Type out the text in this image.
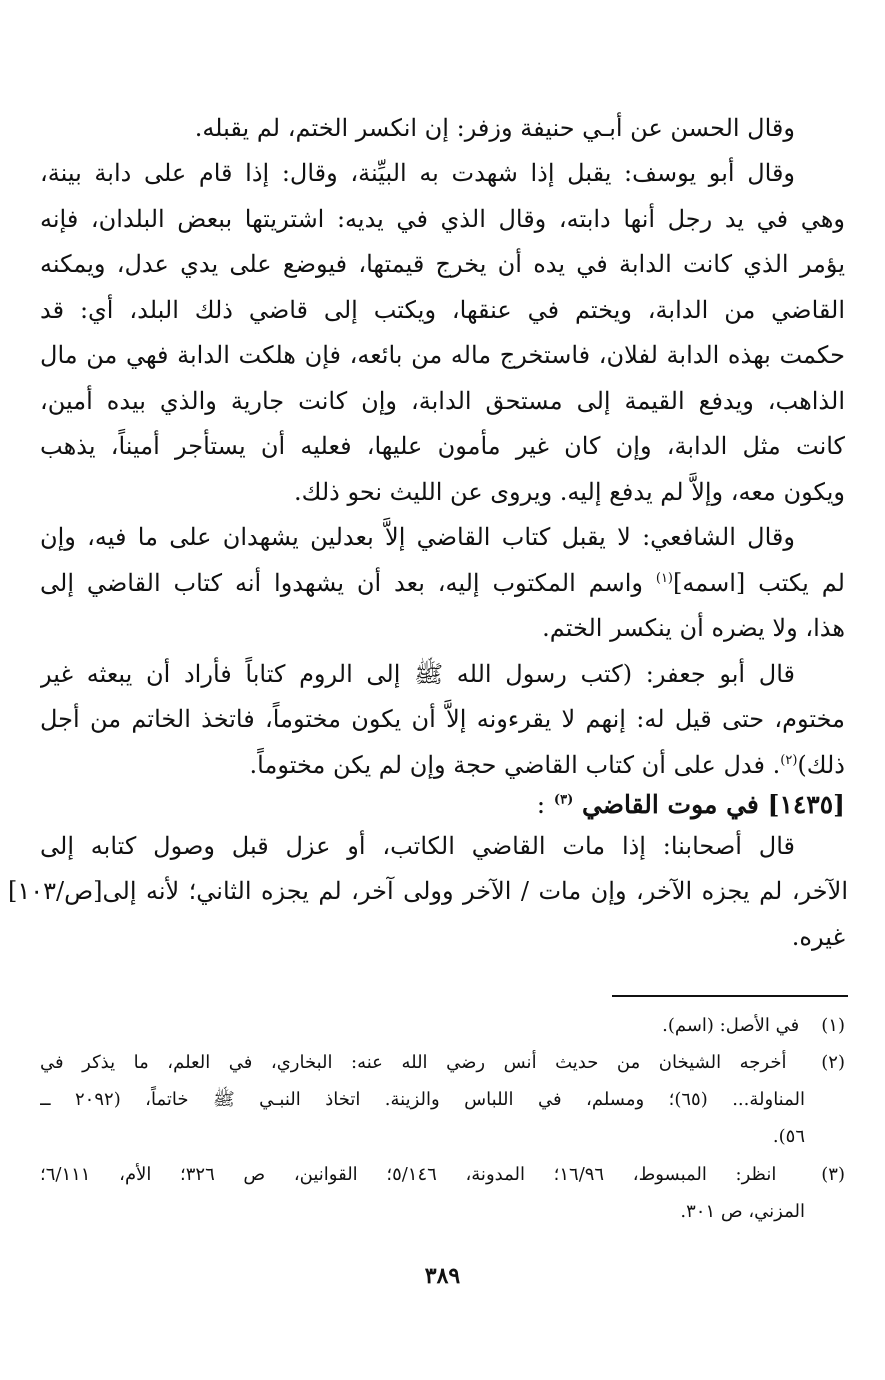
وقال الحسن عن أبـي حنيفة وزفر: إن انكسر الختم، لم يقبله.
وقال أبو يوسف: يقبل إذا شهدت به البيِّنة، وقال: إذا قام على دابة بينة،
وهي في يد رجل أنها دابته، وقال الذي في يديه: اشتريتها ببعض البلدان، فإنه
يؤمر الذي كانت الدابة في يده أن يخرج قيمتها، فيوضع على يدي عدل، ويمكنه
القاضي من الدابة، ويختم في عنقها، ويكتب إلى قاضي ذلك البلد، أي: قد
حكمت بهذه الدابة لفلان، فاستخرج ماله من بائعه، فإن هلكت الدابة فهي من مال
الذاهب، ويدفع القيمة إلى مستحق الدابة، وإن كانت جارية والذي بيده أمين،
كانت مثل الدابة، وإن كان غير مأمون عليها، فعليه أن يستأجر أميناً، يذهب
ويكون معه، وإلاَّ لم يدفع إليه. ويروى عن الليث نحو ذلك.
وقال الشافعي: لا يقبل كتاب القاضي إلاَّ بعدلين يشهدان على ما فيه، وإن
لم يكتب [اسمه]$^{(١)}$ واسم المكتوب إليه، بعد أن يشهدوا أنه كتاب القاضي إلى
هذا، ولا يضره أن ينكسر الختم.
قال أبو جعفر: (كتب رسول الله ﷺ إلى الروم كتاباً فأراد أن يبعثه غير
مختوم، حتى قيل له: إنهم لا يقرءونه إلاَّ أن يكون مختوماً، فاتخذ الخاتم من أجل
ذلك)$^{(٢)}$. فدل على أن كتاب القاضي حجة وإن لم يكن مختوماً.
[١٤٣٥] في موت القاضي $^{(٣)}$ :
قال أصحابنا: إذا مات القاضي الكاتب، أو عزل قبل وصول كتابه إلى
الآخر، لم يجزه الآخر، وإن مات / الآخر وولى آخر، لم يجزه الثاني؛ لأنه إلى[ص/١٠٣]
غيره.
(١) في الأصل: (اسم).
(٢) أخرجه الشيخان من حديث أنس رضي الله عنه: البخاري، في العلم، ما يذكر في
المناولة... (٦٥)؛ ومسلم، في اللباس والزينة. اتخاذ النبـي ﷺ خاتماً، (٢٠٩٢ ــ
٥٦).
(٣) انظر: المبسوط، ١٦/٩٦؛ المدونة، ٥/١٤٦؛ القوانين، ص ٣٢٦؛ الأم، ٦/١١١؛
المزني، ص ٣٠١.
٣٨٩
